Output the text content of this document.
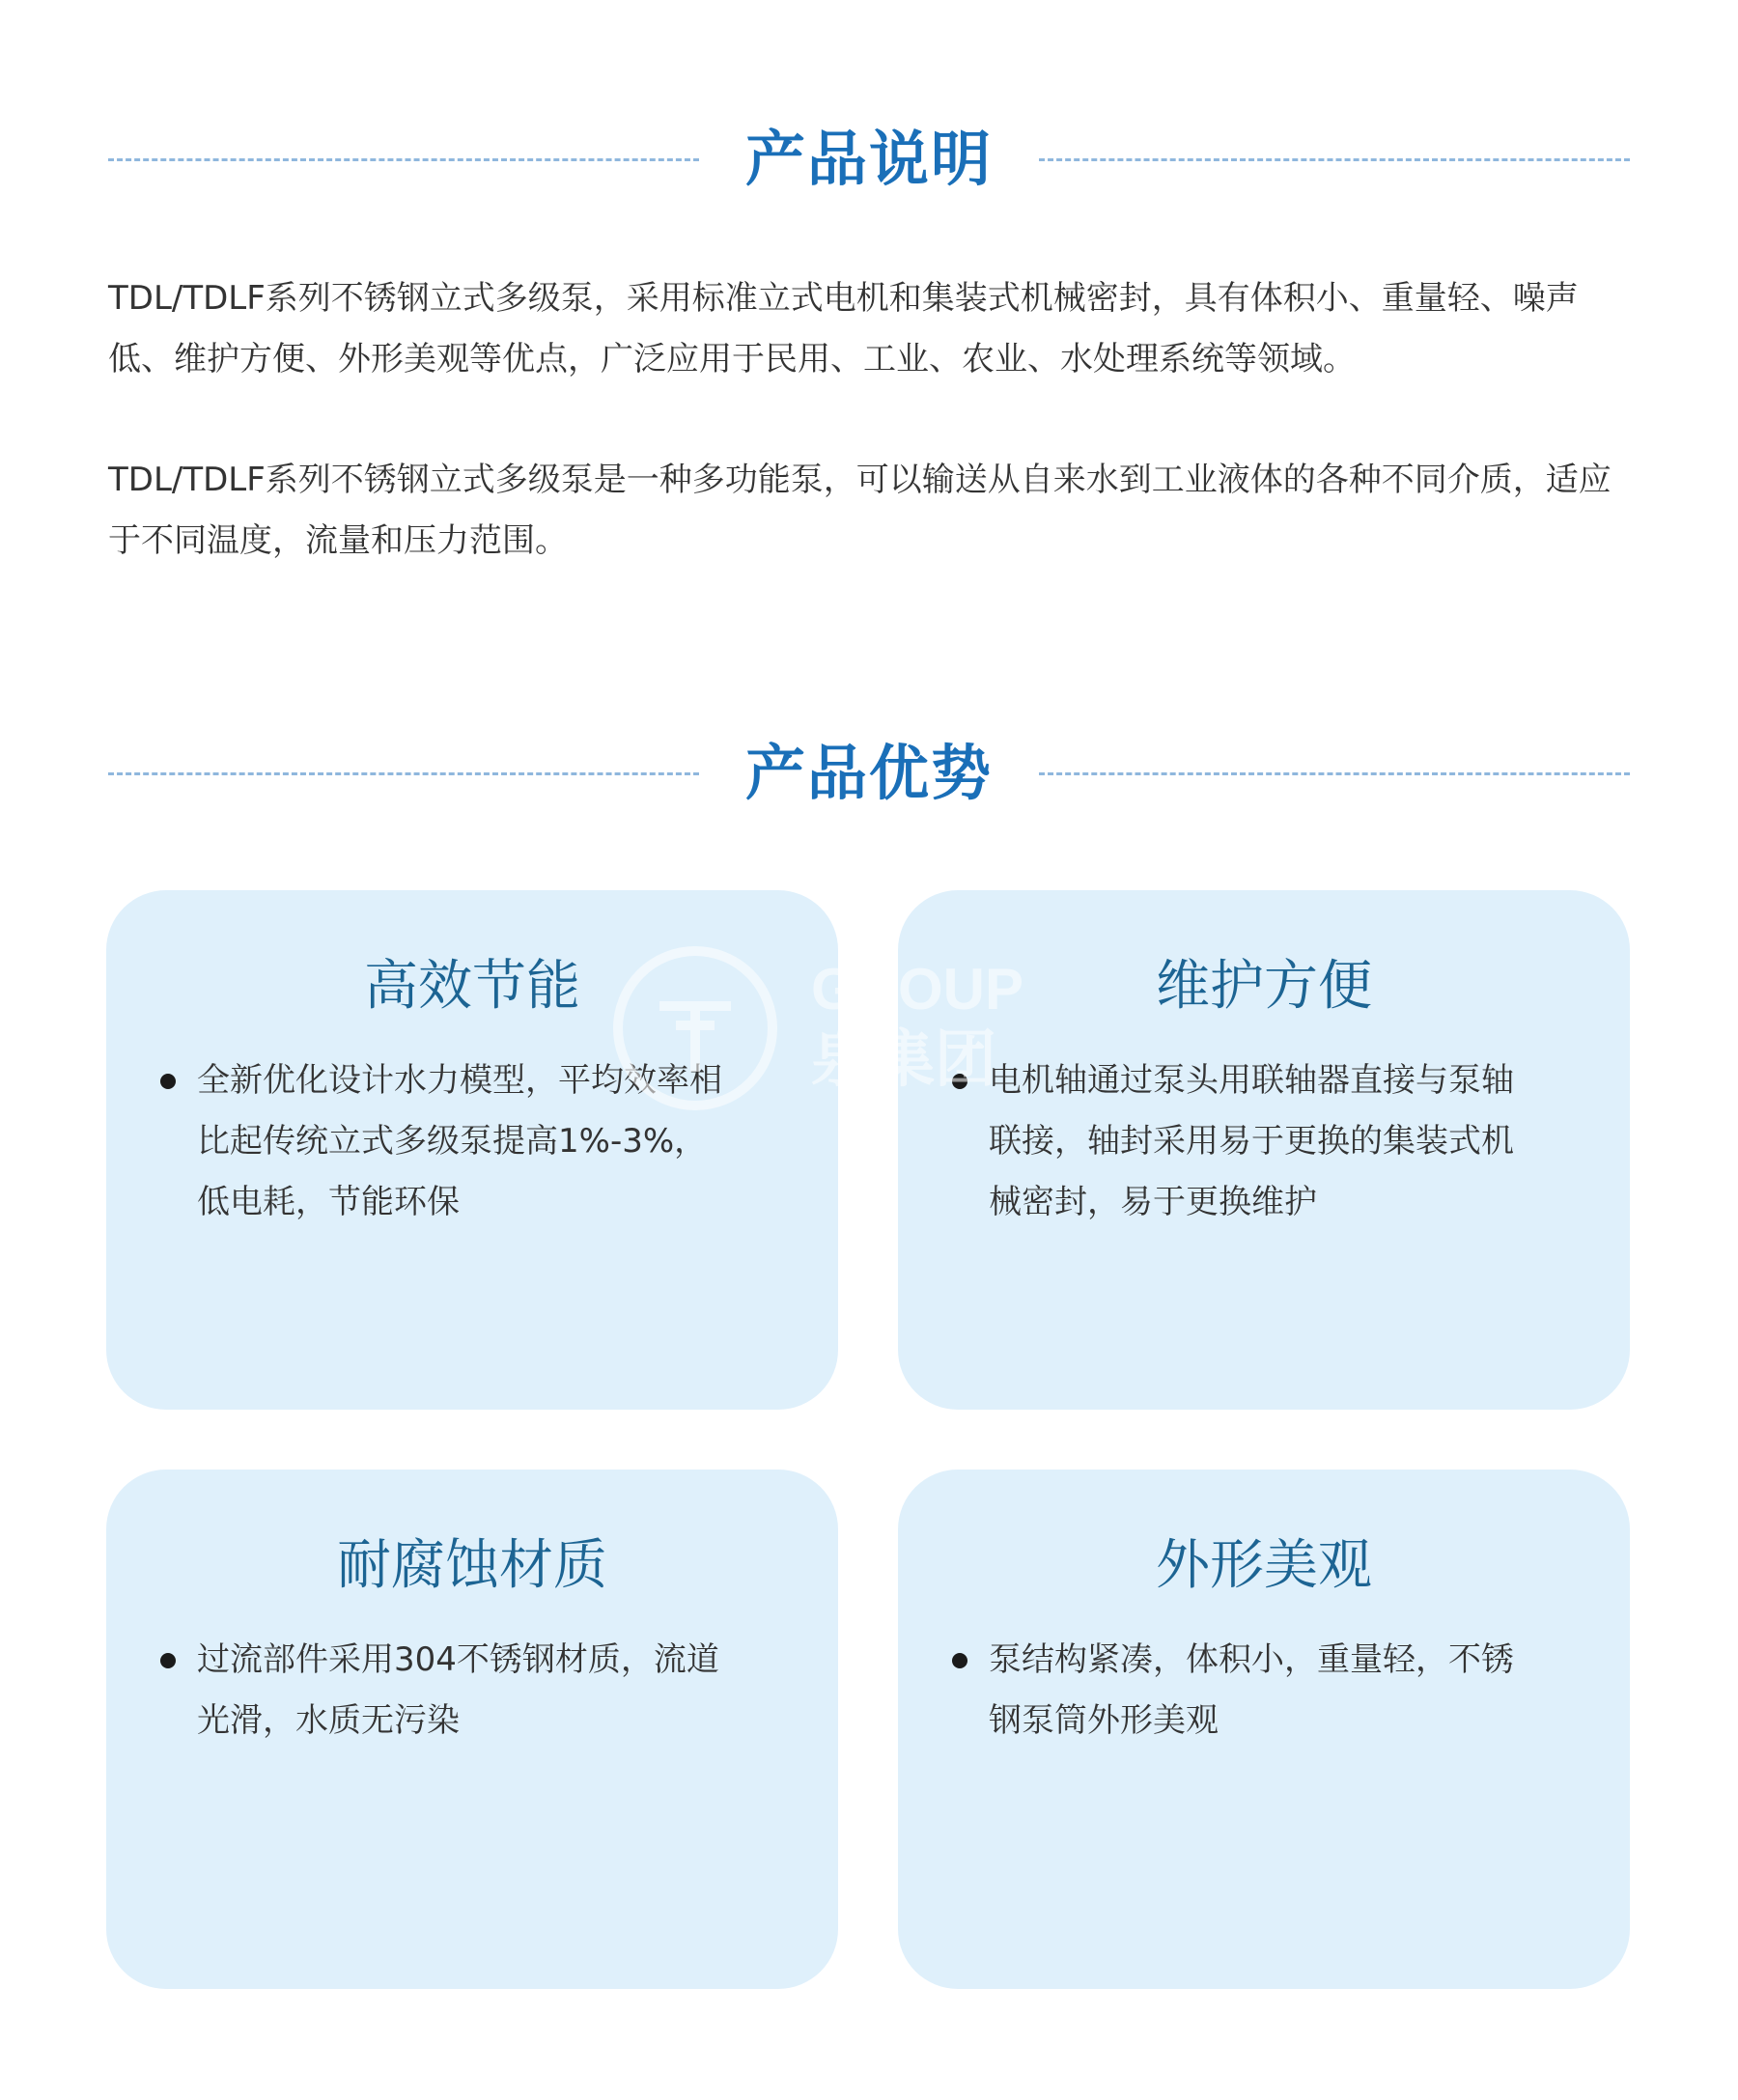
产品说明

TDL/TDLF系列不锈钢立式多级泵，采用标准立式电机和集装式机械密封，具有体积小、重量轻、噪声低、维护方便、外形美观等优点，广泛应用于民用、工业、农业、水处理系统等领域。

TDL/TDLF系列不锈钢立式多级泵是一种多功能泵，可以输送从自来水到工业液体的各种不同介质，适应于不同温度，流量和压力范围。

产品优势
高效节能

全新优化设计水力模型，平均效率相比起传统立式多级泵提高1%-3%，低电耗，节能环保

维护方便

电机轴通过泵头用联轴器直接与泵轴联接，轴封采用易于更换的集装式机械密封，易于更换维护

耐腐蚀材质

过流部件采用304不锈钢材质，流道光滑，水质无污染

外形美观

泵结构紧凑，体积小，重量轻，不锈钢泵筒外形美观

GROUP
泉集团
